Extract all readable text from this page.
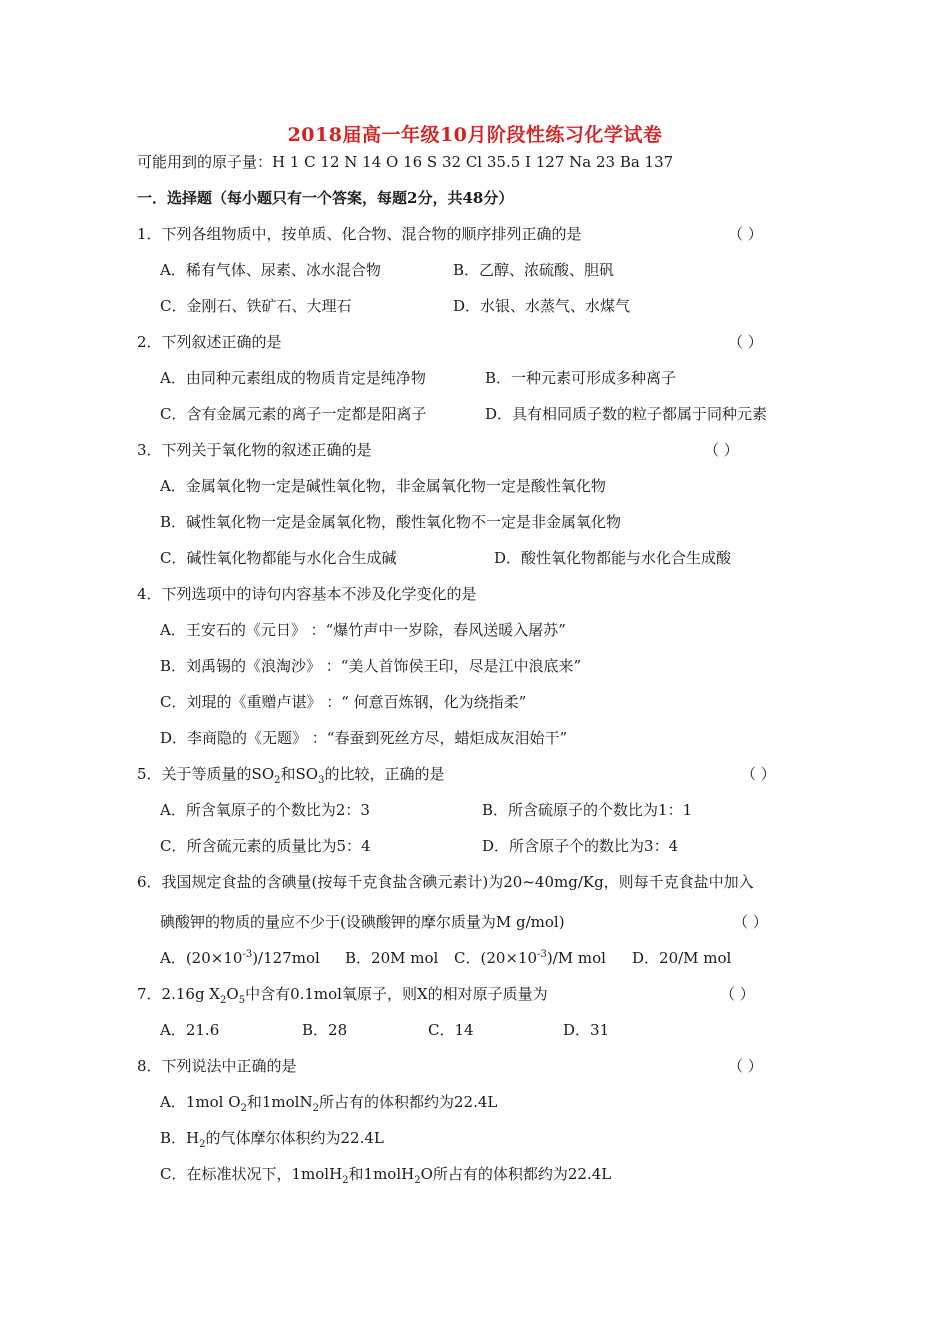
2018届高一年级10月阶段性练习化学试卷
可能用到的原子量：H 1 C 12 N 14 O 16 S 32 Cl 35.5 I 127 Na 23 Ba 137
一．选择题（每小题只有一个答案，每题2分，共48分）
1．下列各组物质中，按单质、化合物、混合物的顺序排列正确的是	（ ）
A．稀有气体、尿素、冰水混合物	B．乙醇、浓硫酸、胆矾
C．金刚石、铁矿石、大理石	D．水银、水蒸气、水煤气
2．下列叙述正确的是	（ ）
A．由同种元素组成的物质肯定是纯净物	B．一种元素可形成多种离子
C．含有金属元素的离子一定都是阳离子	D．具有相同质子数的粒子都属于同种元素
3．下列关于氧化物的叙述正确的是	（ ）
A．金属氧化物一定是碱性氧化物，非金属氧化物一定是酸性氧化物
B．碱性氧化物一定是金属氧化物，酸性氧化物不一定是非金属氧化物
C．碱性氧化物都能与水化合生成碱	D．酸性氧化物都能与水化合生成酸
4．下列选项中的诗句内容基本不涉及化学变化的是
A．王安石的《元日》 ：“爆竹声中一岁除，春风送暖入屠苏”
B．刘禹锡的《浪淘沙》 ：“美人首饰侯王印，尽是江中浪底来”
C．刘琨的《重赠卢谌》 ：“ 何意百炼钢，化为绕指柔”
D．李商隐的《无题》 ：“春蚕到死丝方尽，蜡炬成灰泪始干”
5．关于等质量的$SO_2$和$SO_3$的比较，正确的是	（ ）
A．所含氧原子的个数比为2：3	B．所含硫原子的个数比为1：1
C．所含硫元素的质量比为5：4	D．所含原子个的数比为3：4
6．我国规定食盐的含碘量(按每千克食盐含碘元素计)为20~40mg/Kg，则每千克食盐中加入
碘酸钾的物质的量应不少于(设碘酸钾的摩尔质量为M g/mol)	（ ）
A．$(20\times 10^{-3})/127mol$ B．20M mol C．$(20\times 10^{-3})/M$ mol D．20/M mol
7．2.16g $X_2O_5$中含有0.1mol氧原子，则X的相对原子质量为	（ ）
A．21.6	B．28	C．14	D．31
8．下列说法中正确的是	（ ）
A．1mol $O_2$和1molN$_2$所占有的体积都约为22.4L
B．$H_2$的气体摩尔体积约为22.4L
C．在标准状况下，1molH$_2$和1molH$_2$O所占有的体积都约为22.4L
